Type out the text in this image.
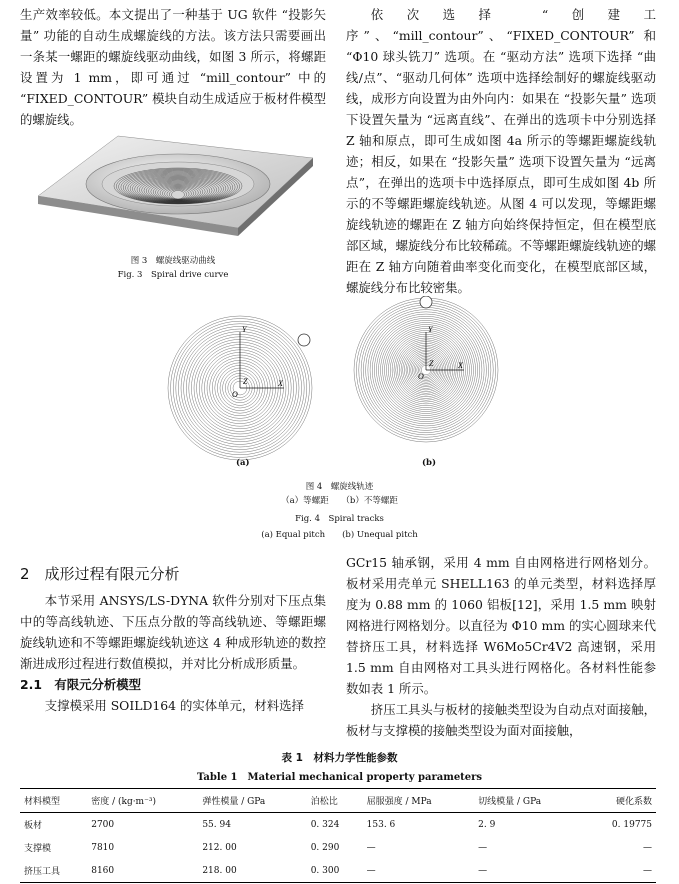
生产效率较低。本文提出了一种基于 UG 软件 “投影矢量” 功能的自动生成螺旋线的方法。该方法只需要画出一条某一螺距的螺旋线驱动曲线，如图 3 所示，将螺距设置为 1 mm，即可通过 “mill_contour” 中的 “FIXED_CONTOUR” 模块自动生成适应于板材件模型的螺旋线。

图 3　螺旋线驱动曲线
Fig. 3　Spiral drive curve

依次选择 “创建工序”、“mill_contour”、“FIXED_CONTOUR” 和 “Φ10 球头铣刀” 选项。在 “驱动方法” 选项下选择 “曲线/点”、“驱动几何体” 选项中选择绘制好的螺旋线驱动线，成形方向设置为由外向内：如果在 “投影矢量” 选项下设置矢量为 “远离直线”、在弹出的选项卡中分别选择 Z 轴和原点，即可生成如图 4a 所示的等螺距螺旋线轨迹；相反，如果在 “投影矢量” 选项下设置矢量为 “远离点”，在弹出的选项卡中选择原点，即可生成如图 4b 所示的不等螺距螺旋线轨迹。从图 4 可以发现，等螺距螺旋线轨迹的螺距在 Z 轴方向始终保持恒定，但在模型底部区域，螺旋线分布比较稀疏。不等螺距螺旋线轨迹的螺距在 Z 轴方向随着曲率变化而变化，在模型底部区域，螺旋线分布比较密集。

Y
X
Z
O
Y
X
Z
O
(a)	(b)
图 4　螺旋线轨迹
（a）等螺距　　（b）不等螺距
Fig. 4　Spiral tracks
(a) Equal pitch　　(b) Unequal pitch
2　成形过程有限元分析

本节采用 ANSYS/LS-DYNA 软件分别对下压点集中的等高线轨迹、下压点分散的等高线轨迹、等螺距螺旋线轨迹和不等螺距螺旋线轨迹这 4 种成形轨迹的数控渐进成形过程进行数值模拟，并对比分析成形质量。

2.1　有限元分析模型

支撑模采用 SOILD164 的实体单元，材料选择

GCr15 轴承钢，采用 4 mm 自由网格进行网格划分。板材采用壳单元 SHELL163 的单元类型，材料选择厚度为 0.88 mm 的 1060 铝板[12]，采用 1.5 mm 映射网格进行网格划分。以直径为 Φ10 mm 的实心圆球来代替挤压工具，材料选择 W6Mo5Cr4V2 高速钢，采用 1.5 mm 自由网格对工具头进行网格化。各材料性能参数如表 1 所示。

挤压工具头与板材的接触类型设为自动点对面接触，板材与支撑模的接触类型设为面对面接触，

表 1　材料力学性能参数
Table 1　Material mechanical property parameters
材料模型	密度 / (kg·m⁻³)	弹性模量 / GPa	泊松比	屈服强度 / MPa	切线模量 / GPa	硬化系数
板材	2700	55. 94	0. 324	153. 6	2. 9	0. 19775
支撑模	7810	212. 00	0. 290	—	—	—
挤压工具	8160	218. 00	0. 300	—	—	—
